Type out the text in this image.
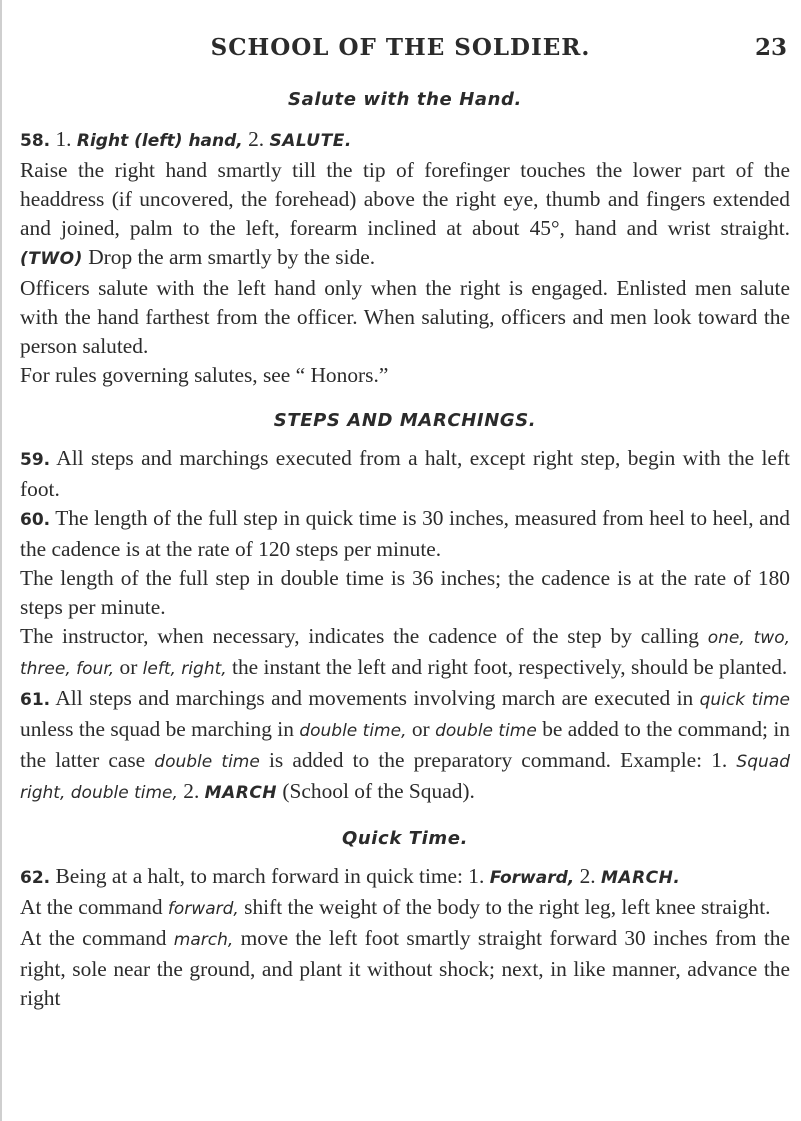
SCHOOL OF THE SOLDIER.	23

Salute with the Hand.

58. 1. Right (left) hand, 2. SALUTE.
Raise the right hand smartly till the tip of forefinger touches the lower part of the headdress (if uncovered, the forehead) above the right eye, thumb and fingers extended and joined, palm to the left, forearm inclined at about 45°, hand and wrist straight. (TWO) Drop the arm smartly by the side.

Officers salute with the left hand only when the right is engaged. Enlisted men salute with the hand farthest from the officer. When saluting, officers and men look toward the person saluted.

For rules governing salutes, see “ Honors.”

STEPS AND MARCHINGS.

59. All steps and marchings executed from a halt, except right step, begin with the left foot.

60. The length of the full step in quick time is 30 inches, measured from heel to heel, and the cadence is at the rate of 120 steps per minute.

The length of the full step in double time is 36 inches; the cadence is at the rate of 180 steps per minute.

The instructor, when necessary, indicates the cadence of the step by calling one, two, three, four, or left, right, the instant the left and right foot, respectively, should be planted.

61. All steps and marchings and movements involving march are executed in quick time unless the squad be marching in double time, or double time be added to the command; in the latter case double time is added to the preparatory command. Example: 1. Squad right, double time, 2. MARCH (School of the Squad).

Quick Time.

62. Being at a halt, to march forward in quick time: 1. Forward, 2. MARCH.

At the command forward, shift the weight of the body to the right leg, left knee straight.

At the command march, move the left foot smartly straight forward 30 inches from the right, sole near the ground, and plant it without shock; next, in like manner, advance the right
